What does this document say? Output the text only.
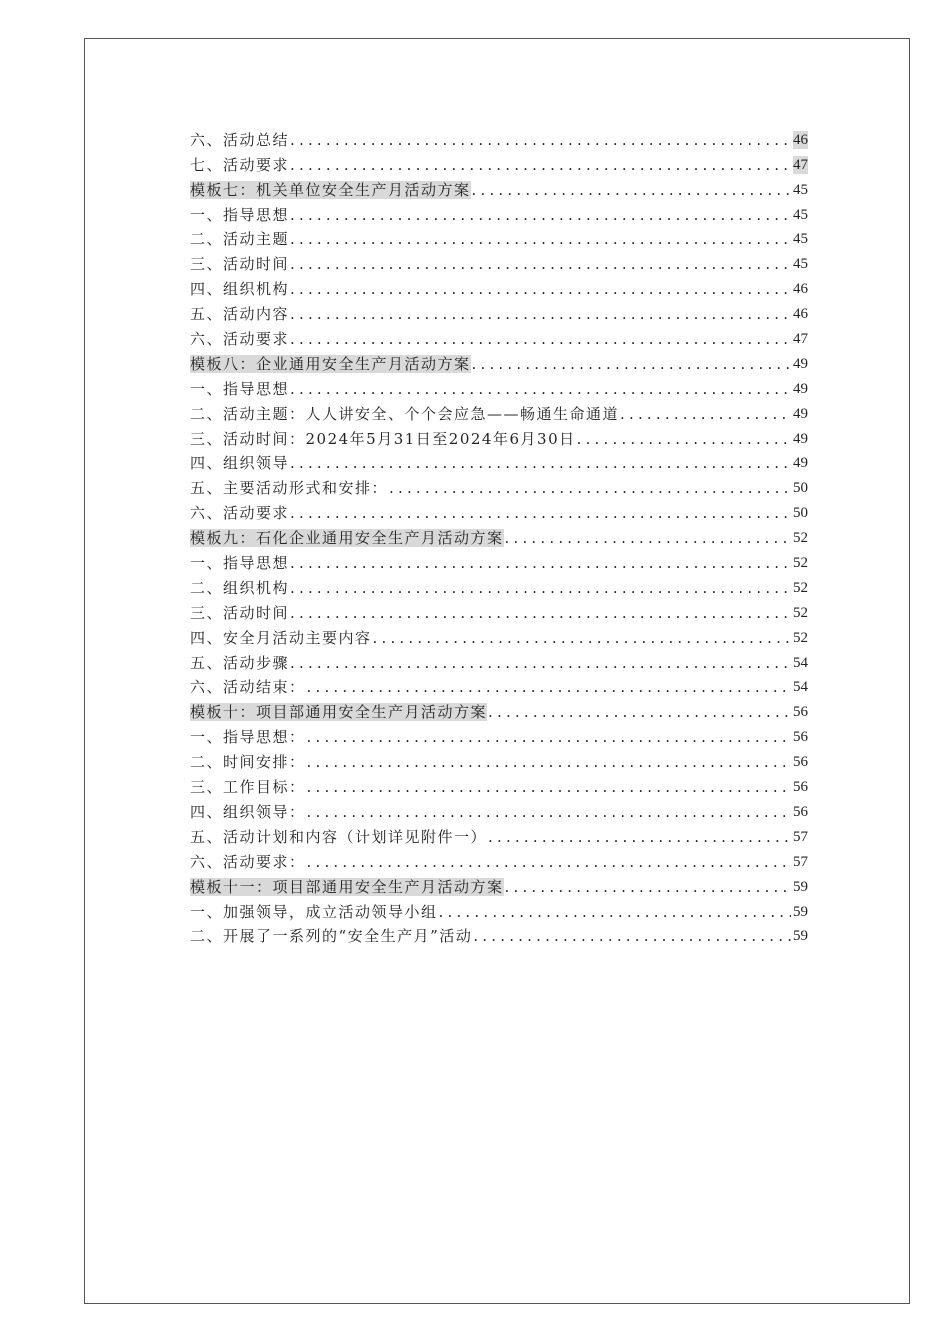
六、活动总结 .....	46
七、活动要求 .....	47
模板七：机关单位安全生产月活动方案 .....	45
一、指导思想 .....	45
二、活动主题 .....	45
三、活动时间 .....	45
四、组织机构 .....	46
五、活动内容 .....	46
六、活动要求 .....	47
模板八：企业通用安全生产月活动方案 .....	49
一、指导思想 .....	49
二、活动主题：人人讲安全、个个会应急——畅通生命通道 .....	49
三、活动时间：2024年5月31日至2024年6月30日 .....	49
四、组织领导 .....	49
五、主要活动形式和安排： .....	50
六、活动要求 .....	50
模板九：石化企业通用安全生产月活动方案 .....	52
一、指导思想 .....	52
二、组织机构 .....	52
三、活动时间 .....	52
四、安全月活动主要内容 .....	52
五、活动步骤 .....	54
六、活动结束： .....	54
模板十：项目部通用安全生产月活动方案 .....	56
一、指导思想： .....	56
二、时间安排： .....	56
三、工作目标： .....	56
四、组织领导： .....	56
五、活动计划和内容（计划详见附件一） .....	57
六、活动要求： .....	57
模板十一：项目部通用安全生产月活动方案 .....	59
一、加强领导，成立活动领导小组 .....	59
二、开展了一系列的“安全生产月”活动 .....	59
